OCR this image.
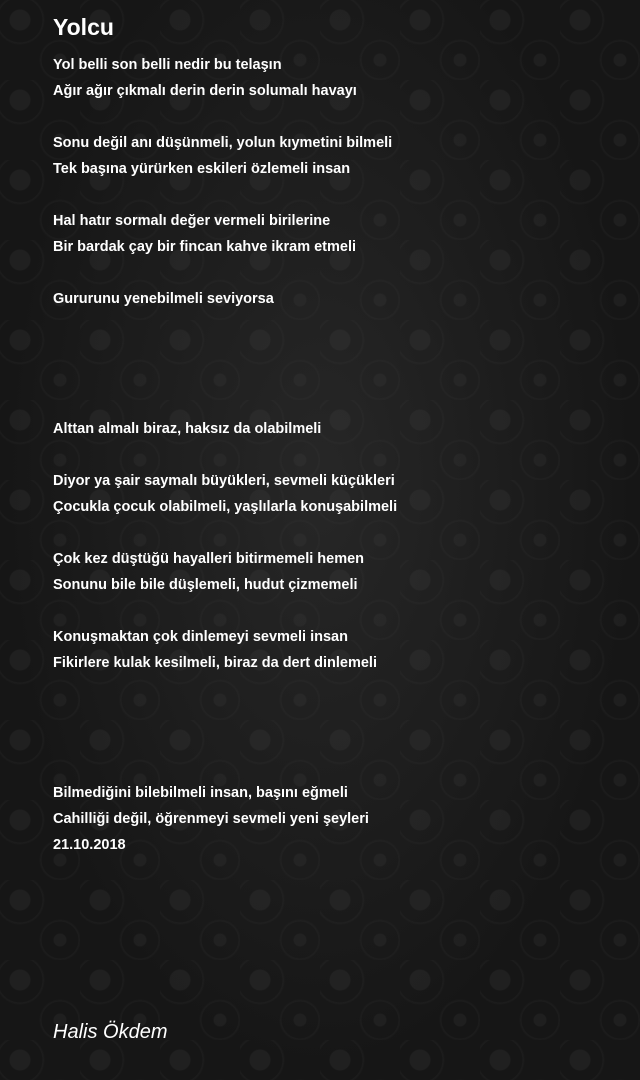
Yolcu
Yol belli son belli nedir bu telaşın
Ağır ağır çıkmalı derin derin solumalı havayı
Sonu değil anı düşünmeli, yolun kıymetini bilmeli
Tek başına yürürken eskileri özlemeli insan
Hal hatır sormalı değer vermeli birilerine
Bir bardak çay bir fincan kahve ikram etmeli
Gururunu yenebilmeli seviyorsa
Alttan almalı biraz, haksız da olabilmeli
Diyor ya şair saymalı büyükleri, sevmeli küçükleri
Çocukla çocuk olabilmeli, yaşlılarla konuşabilmeli
Çok kez düştüğü hayalleri bitirmemeli hemen
Sonunu bile bile düşlemeli, hudut çizmemeli
Konuşmaktan çok dinlemeyi sevmeli insan
Fikirlere kulak kesilmeli, biraz da dert dinlemeli
Bilmediğini bilebilmeli insan, başını eğmeli
Cahilliği değil, öğrenmeyi sevmeli yeni şeyleri
21.10.2018
Halis Ökdem
